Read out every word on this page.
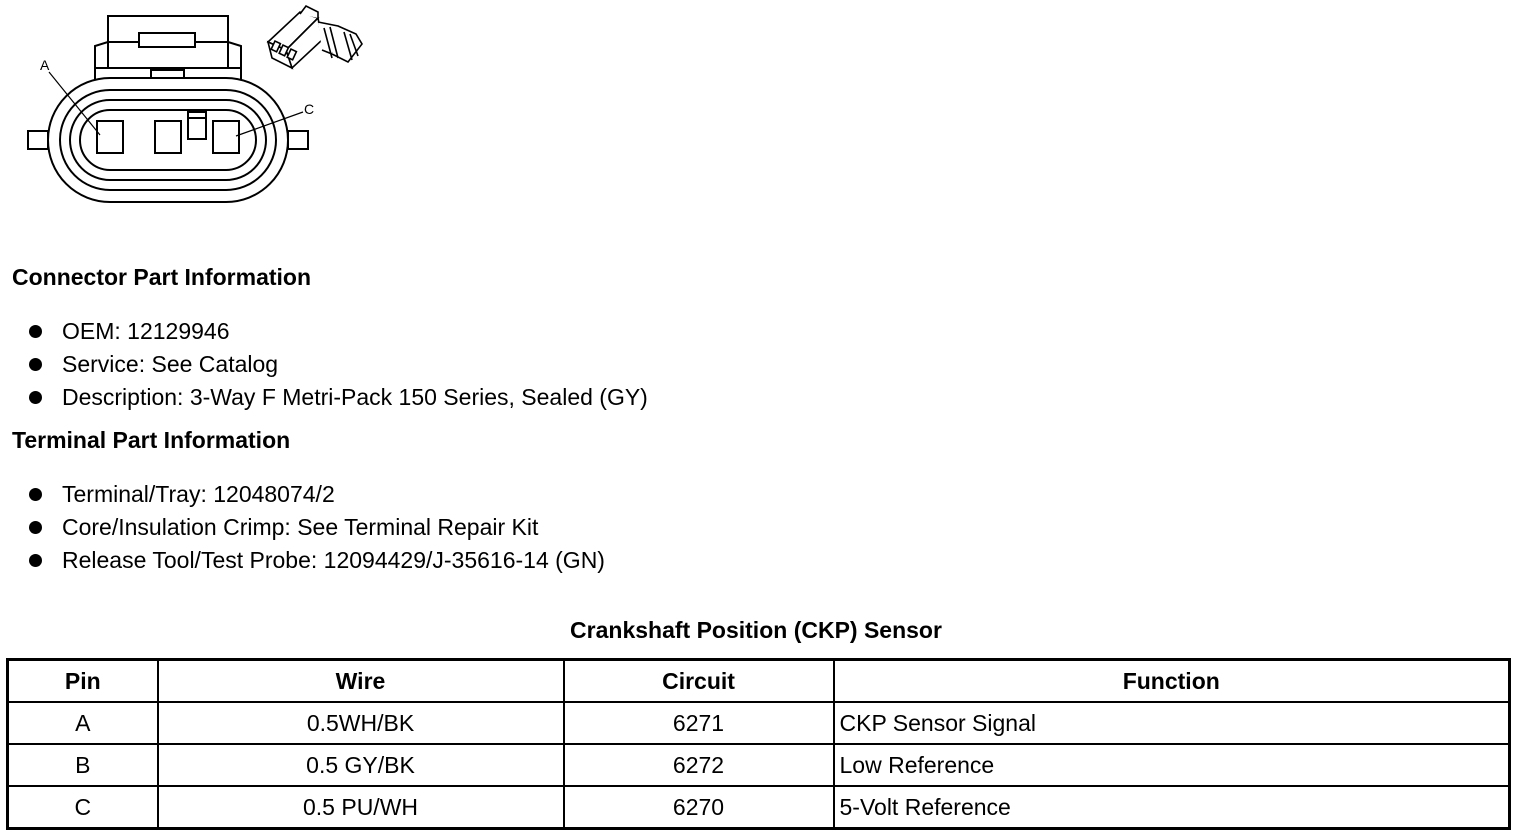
A
C
Connector Part Information
OEM: 12129946
Service: See Catalog
Description: 3-Way F Metri-Pack 150 Series, Sealed (GY)
Terminal Part Information
Terminal/Tray: 12048074/2
Core/Insulation Crimp: See Terminal Repair Kit
Release Tool/Test Probe: 12094429/J-35616-14 (GN)
Crankshaft Position (CKP) Sensor
Pin	Wire	Circuit	Function
A	0.5WH/BK	6271	CKP Sensor Signal
B	0.5 GY/BK	6272	Low Reference
C	0.5 PU/WH	6270	5-Volt Reference
